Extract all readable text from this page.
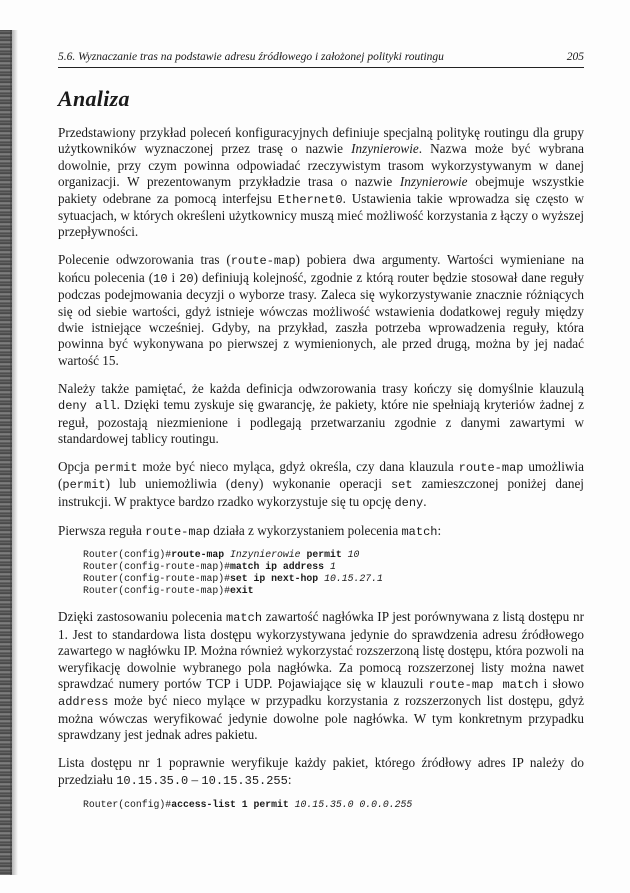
5.6. Wyznaczanie tras na podstawie adresu źródłowego i założonej polityki routingu	205
Analiza

Przedstawiony przykład poleceń konfiguracyjnych definiuje specjalną politykę routingu dla grupy użytkowników wyznaczonej przez trasę o nazwie Inzynierowie. Nazwa może być wybrana dowolnie, przy czym powinna odpowiadać rzeczywistym trasom wykorzystywanym w danej organizacji. W prezentowanym przykładzie trasa o nazwie Inzynierowie obejmuje wszystkie pakiety odebrane za pomocą interfejsu Ethernet0. Ustawienia takie wprowadza się często w sytuacjach, w których określeni użytkownicy muszą mieć możliwość korzystania z łączy o wyższej przepływności.

Polecenie odwzorowania tras (route-map) pobiera dwa argumenty. Wartości wymieniane na końcu polecenia (10 i 20) definiują kolejność, zgodnie z którą router będzie stosował dane reguły podczas podejmowania decyzji o wyborze trasy. Zaleca się wykorzystywanie znacznie różniących się od siebie wartości, gdyż istnieje wówczas możliwość wstawienia dodatkowej reguły między dwie istniejące wcześniej. Gdyby, na przykład, zaszła potrzeba wprowadzenia reguły, która powinna być wykonywana po pierwszej z wymienionych, ale przed drugą, można by jej nadać wartość 15.

Należy także pamiętać, że każda definicja odwzorowania trasy kończy się domyślnie klauzulą deny all. Dzięki temu zyskuje się gwarancję, że pakiety, które nie spełniają kryteriów żadnej z reguł, pozostają niezmienione i podlegają przetwarzaniu zgodnie z danymi zawartymi w standardowej tablicy routingu.

Opcja permit może być nieco myląca, gdyż określa, czy dana klauzula route-map umożliwia (permit) lub uniemożliwia (deny) wykonanie operacji set zamieszczonej poniżej danej instrukcji. W praktyce bardzo rzadko wykorzystuje się tu opcję deny.

Pierwsza reguła route-map działa z wykorzystaniem polecenia match:

Router(config)#route-map Inzynierowie permit 10
Router(config-route-map)#match ip address 1
Router(config-route-map)#set ip next-hop 10.15.27.1
Router(config-route-map)#exit

Dzięki zastosowaniu polecenia match zawartość nagłówka IP jest porównywana z listą dostępu nr 1. Jest to standardowa lista dostępu wykorzystywana jedynie do sprawdzenia adresu źródłowego zawartego w nagłówku IP. Można również wykorzystać rozszerzoną listę dostępu, która pozwoli na weryfikację dowolnie wybranego pola nagłówka. Za pomocą rozszerzonej listy można nawet sprawdzać numery portów TCP i UDP. Pojawiające się w klauzuli route-map match i słowo address może być nieco mylące w przypadku korzystania z rozszerzonych list dostępu, gdyż można wówczas weryfikować jedynie dowolne pole nagłówka. W tym konkretnym przypadku sprawdzany jest jednak adres pakietu.

Lista dostępu nr 1 poprawnie weryfikuje każdy pakiet, którego źródłowy adres IP należy do przedziału 10.15.35.0 – 10.15.35.255:

Router(config)#access-list 1 permit 10.15.35.0 0.0.0.255
